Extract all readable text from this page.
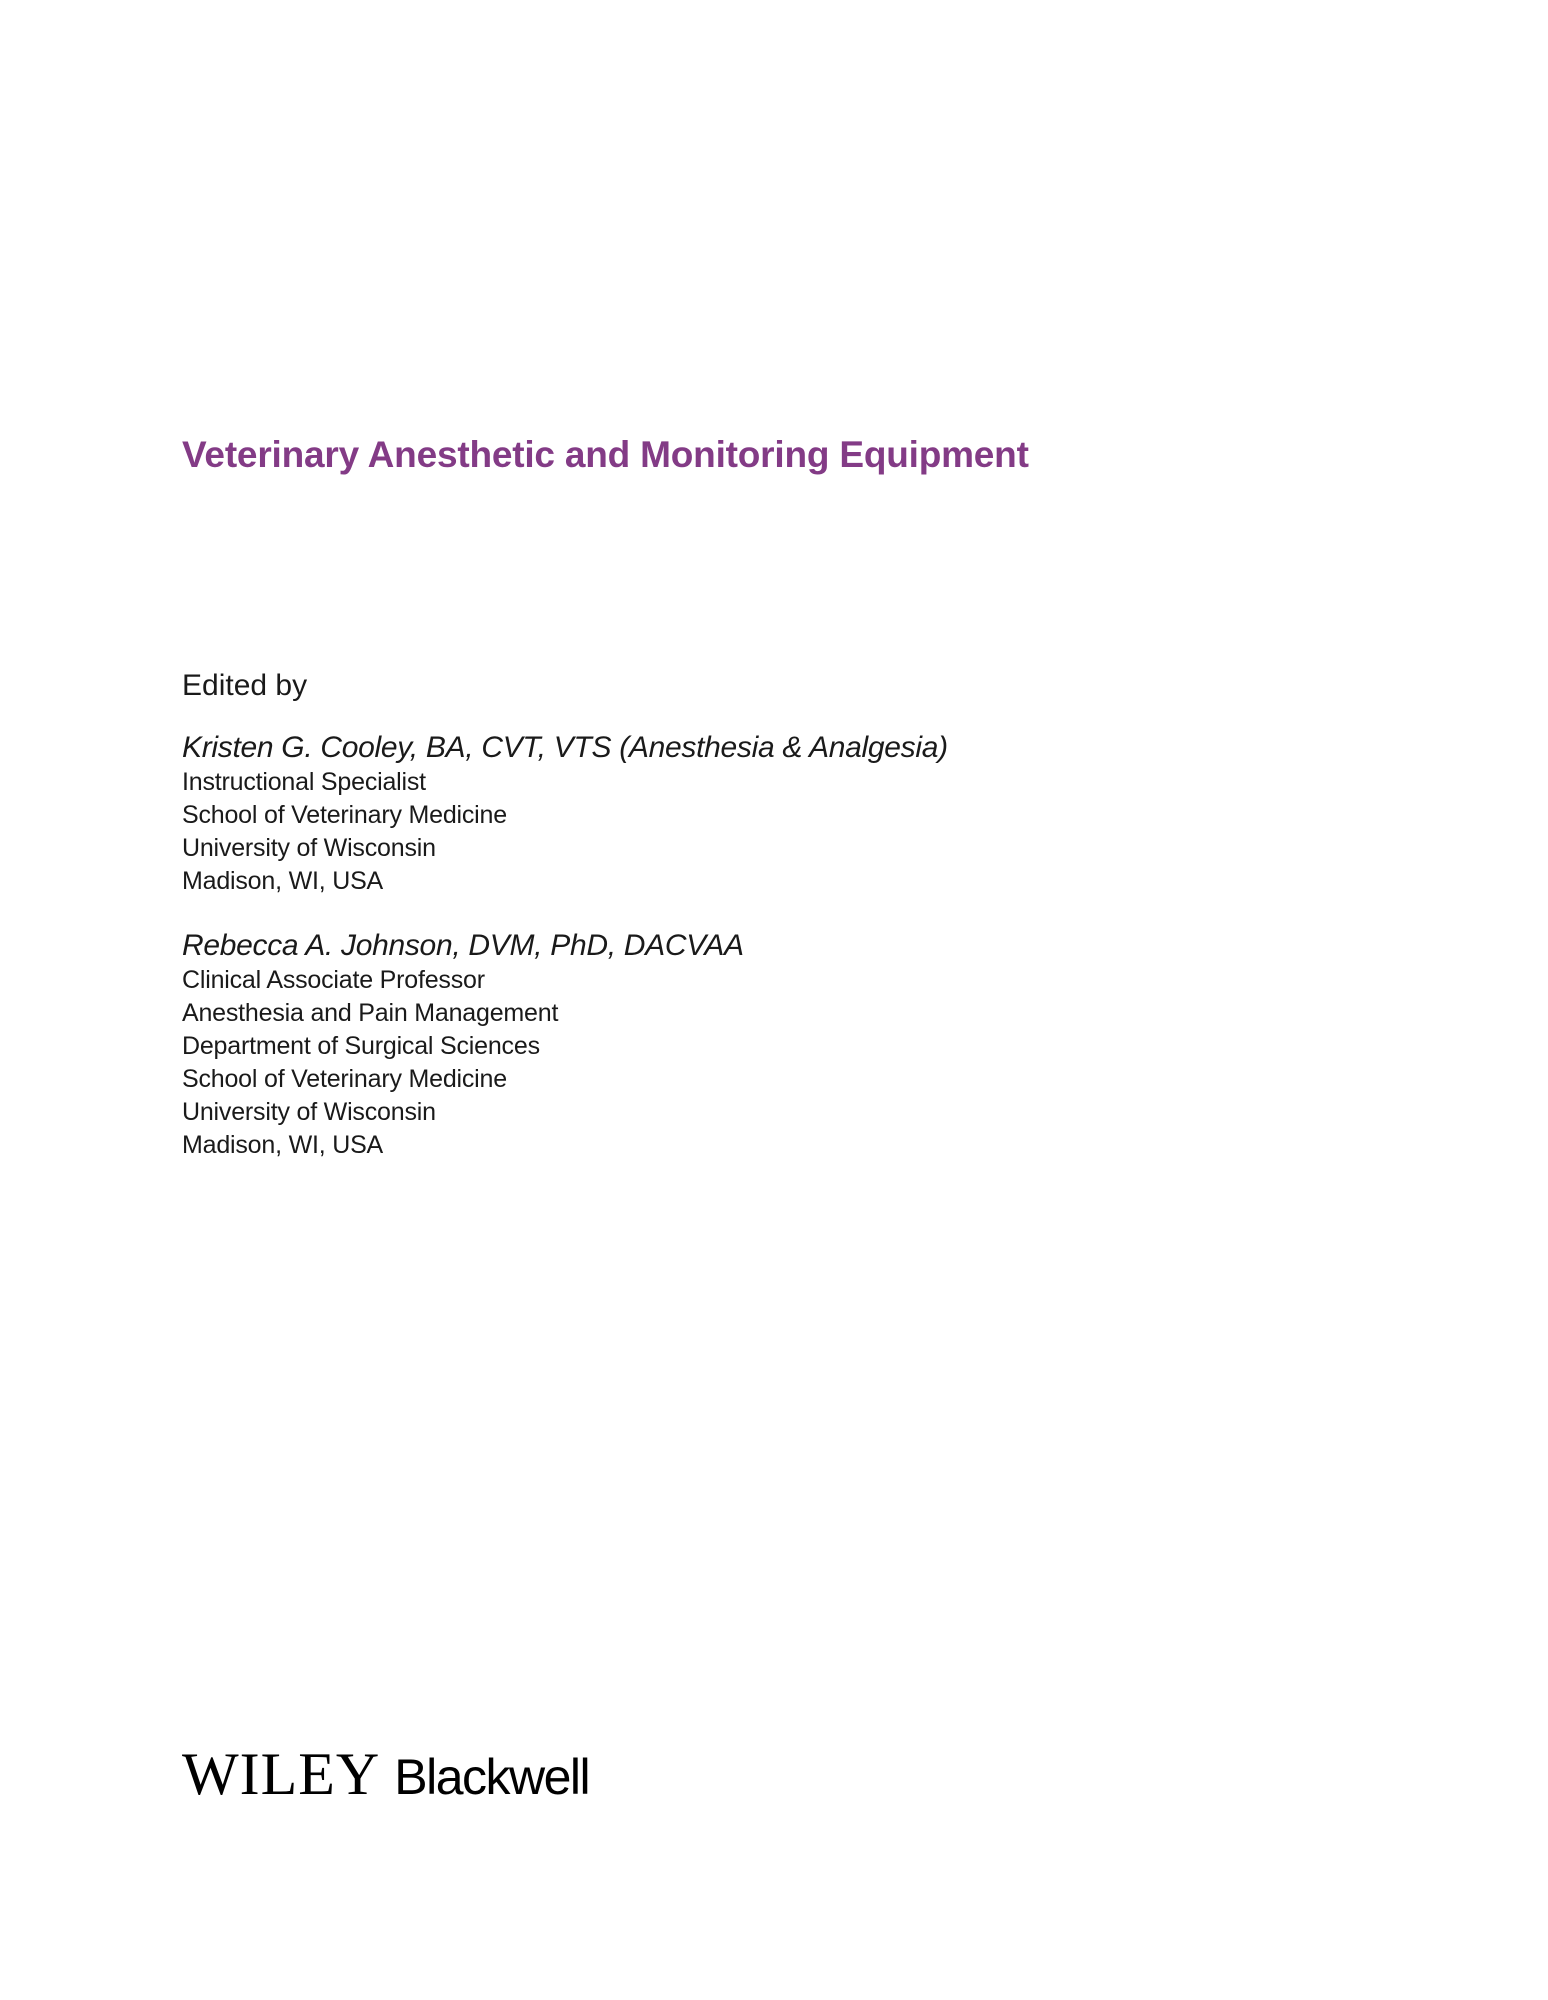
Veterinary Anesthetic and Monitoring Equipment
Edited by
Kristen G. Cooley, BA, CVT, VTS (Anesthesia & Analgesia)
Instructional Specialist
School of Veterinary Medicine
University of Wisconsin
Madison, WI, USA
Rebecca A. Johnson, DVM, PhD, DACVAA
Clinical Associate Professor
Anesthesia and Pain Management
Department of Surgical Sciences
School of Veterinary Medicine
University of Wisconsin
Madison, WI, USA
WILEY Blackwell
